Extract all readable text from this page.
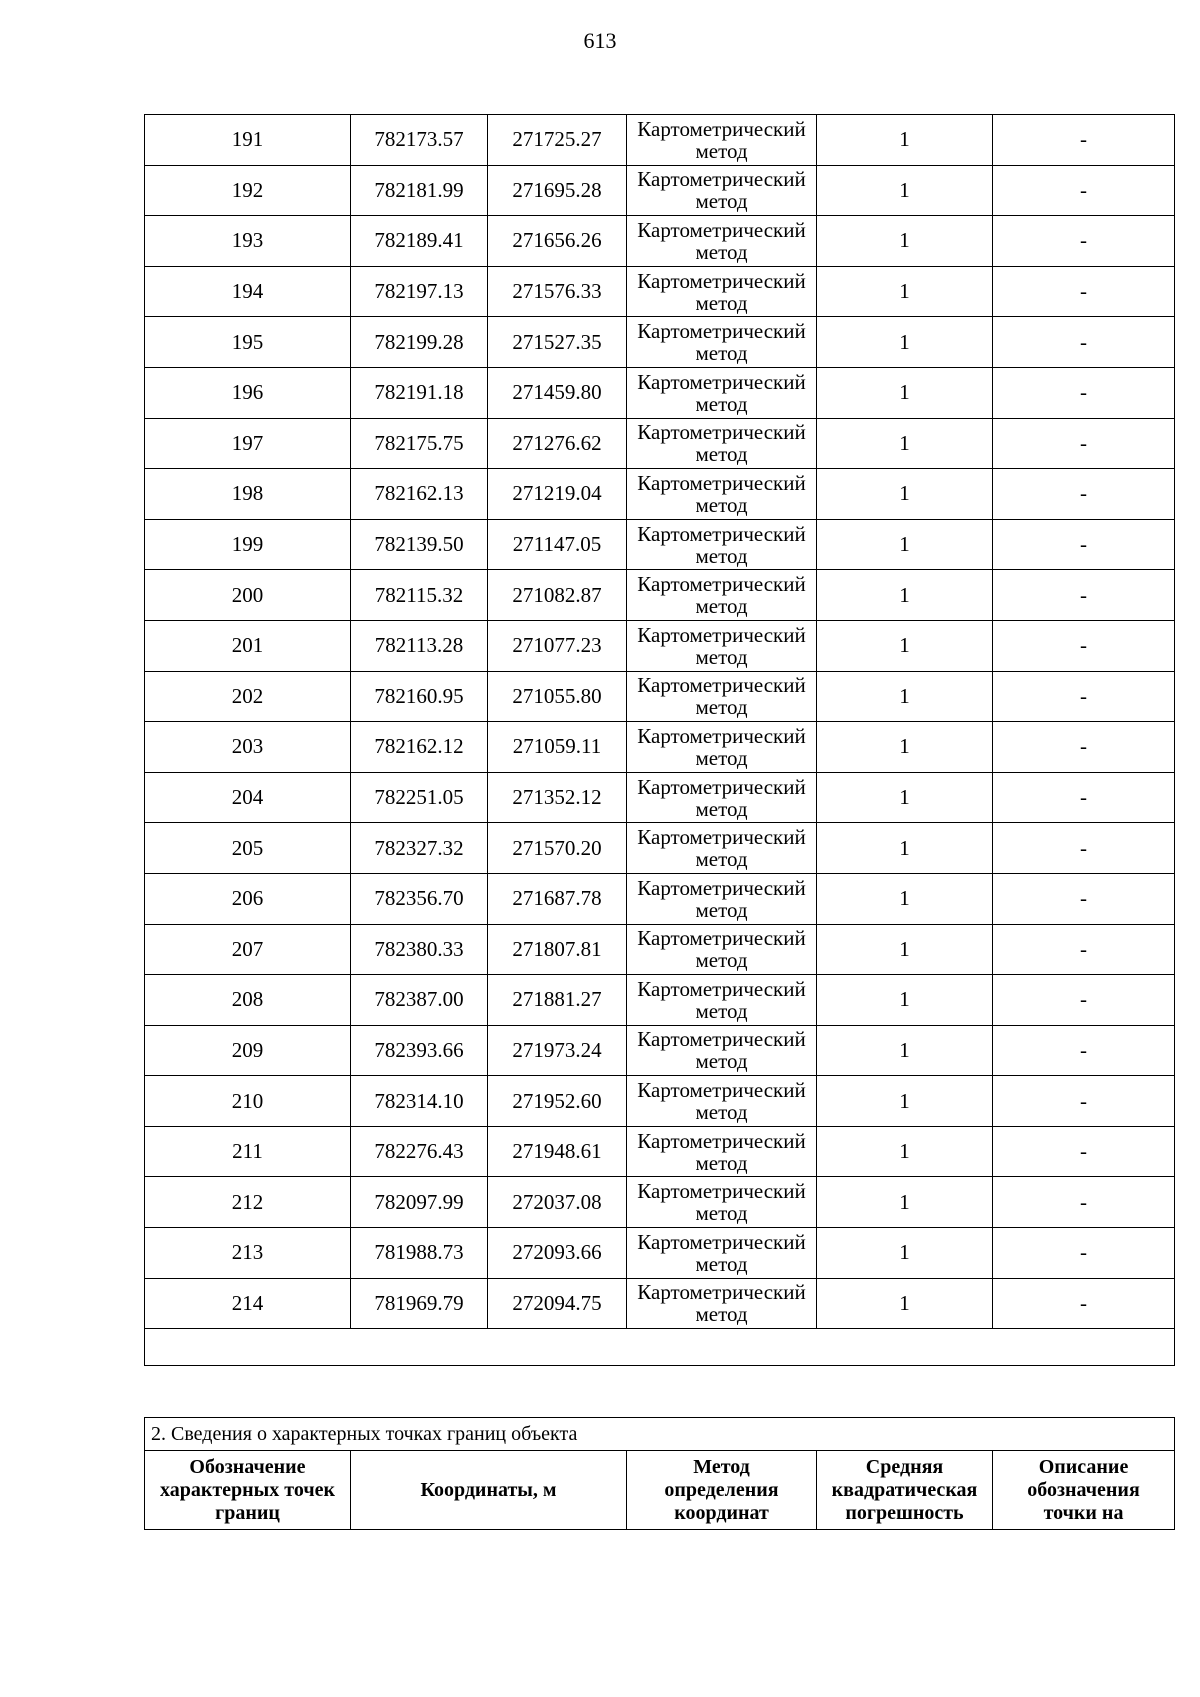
613
191	782173.57	271725.27	Картометрический
метод	1	-
192	782181.99	271695.28	Картометрический
метод	1	-
193	782189.41	271656.26	Картометрический
метод	1	-
194	782197.13	271576.33	Картометрический
метод	1	-
195	782199.28	271527.35	Картометрический
метод	1	-
196	782191.18	271459.80	Картометрический
метод	1	-
197	782175.75	271276.62	Картометрический
метод	1	-
198	782162.13	271219.04	Картометрический
метод	1	-
199	782139.50	271147.05	Картометрический
метод	1	-
200	782115.32	271082.87	Картометрический
метод	1	-
201	782113.28	271077.23	Картометрический
метод	1	-
202	782160.95	271055.80	Картометрический
метод	1	-
203	782162.12	271059.11	Картометрический
метод	1	-
204	782251.05	271352.12	Картометрический
метод	1	-
205	782327.32	271570.20	Картометрический
метод	1	-
206	782356.70	271687.78	Картометрический
метод	1	-
207	782380.33	271807.81	Картометрический
метод	1	-
208	782387.00	271881.27	Картометрический
метод	1	-
209	782393.66	271973.24	Картометрический
метод	1	-
210	782314.10	271952.60	Картометрический
метод	1	-
211	782276.43	271948.61	Картометрический
метод	1	-
212	782097.99	272037.08	Картометрический
метод	1	-
213	781988.73	272093.66	Картометрический
метод	1	-
214	781969.79	272094.75	Картометрический
метод	1	-

2. Сведения о характерных точках границ объекта

Обозначение
характерных точек
границ
	Координаты, м	
Метод
определения
координат

Средняя
квадратическая
погрешность

Описание
обозначения
точки на
